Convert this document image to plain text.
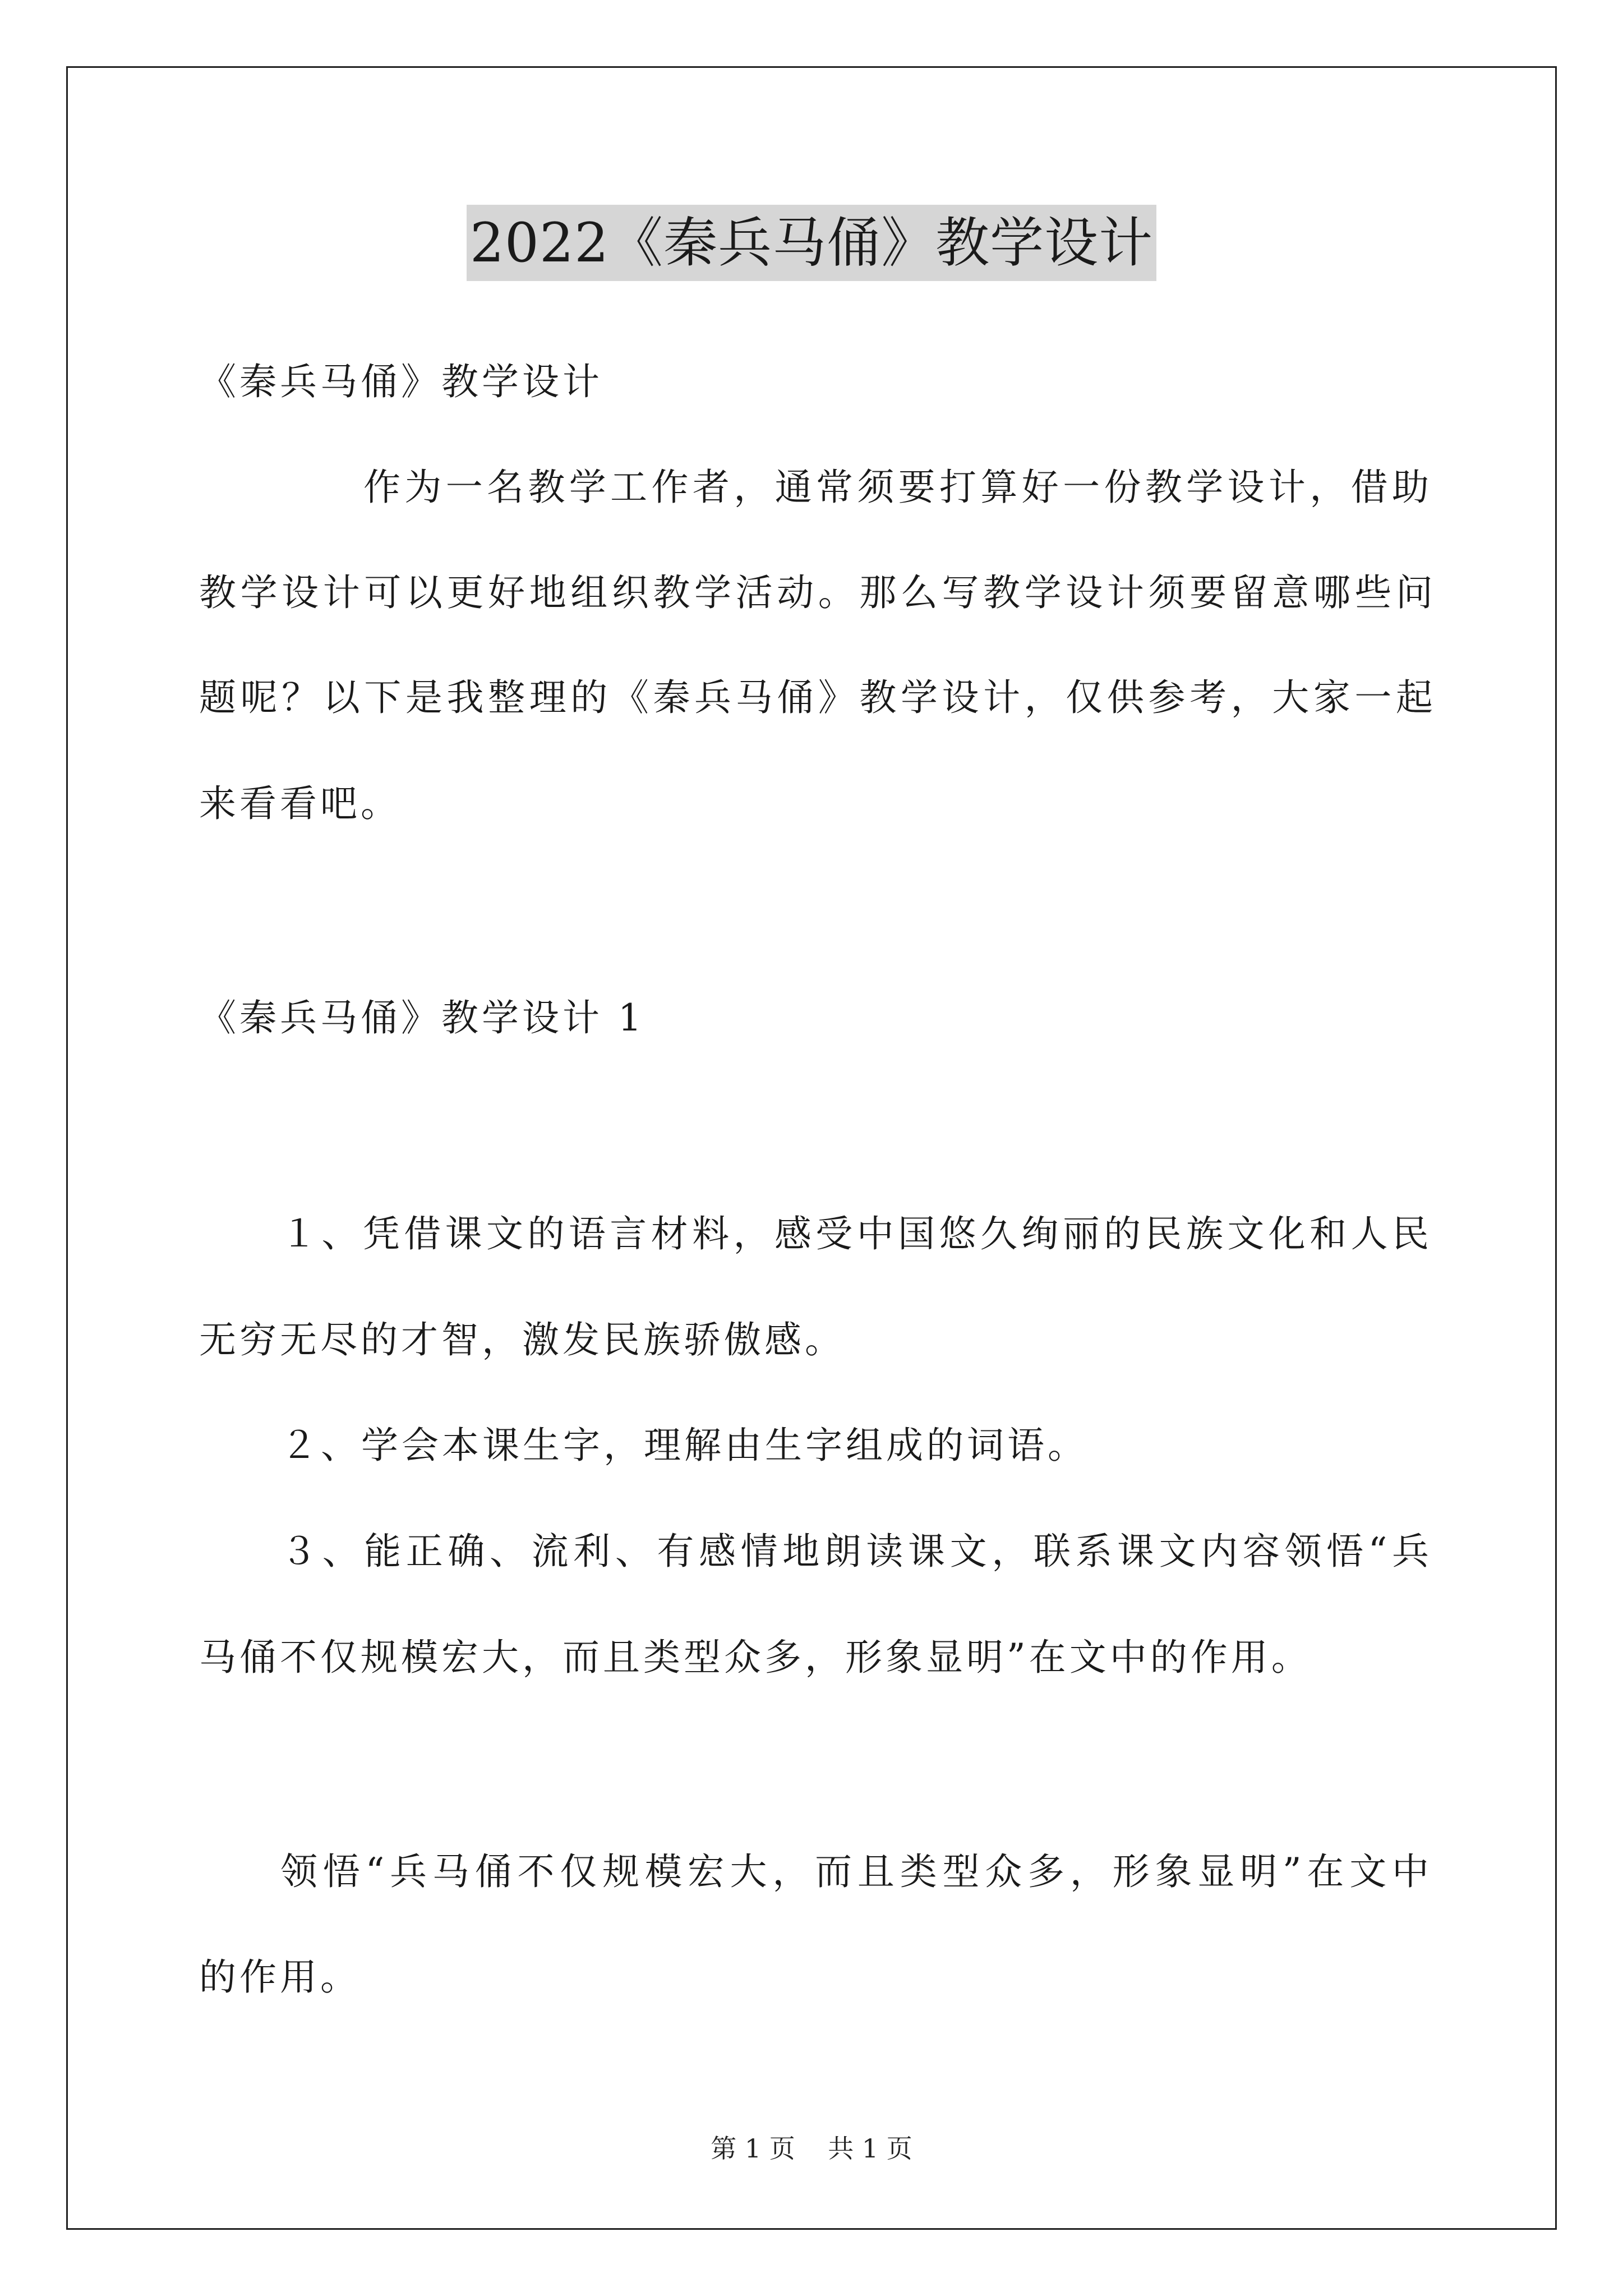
2022《秦兵马俑》教学设计
《秦兵马俑》教学设计
作为一名教学工作者，通常须要打算好一份教学设计，借助
教学设计可以更好地组织教学活动。那么写教学设计须要留意哪些问
题呢？以下是我整理的《秦兵马俑》教学设计，仅供参考，大家一起
来看看吧。
《秦兵马俑》教学设计 1
１、凭借课文的语言材料，感受中国悠久绚丽的民族文化和人民
无穷无尽的才智，激发民族骄傲感。
２、学会本课生字，理解由生字组成的词语。
３、能正确、流利、有感情地朗读课文，联系课文内容领悟“兵
马俑不仅规模宏大，而且类型众多，形象显明”在文中的作用。
领悟“兵马俑不仅规模宏大，而且类型众多，形象显明”在文中
的作用。
第 1 页 共 1 页
